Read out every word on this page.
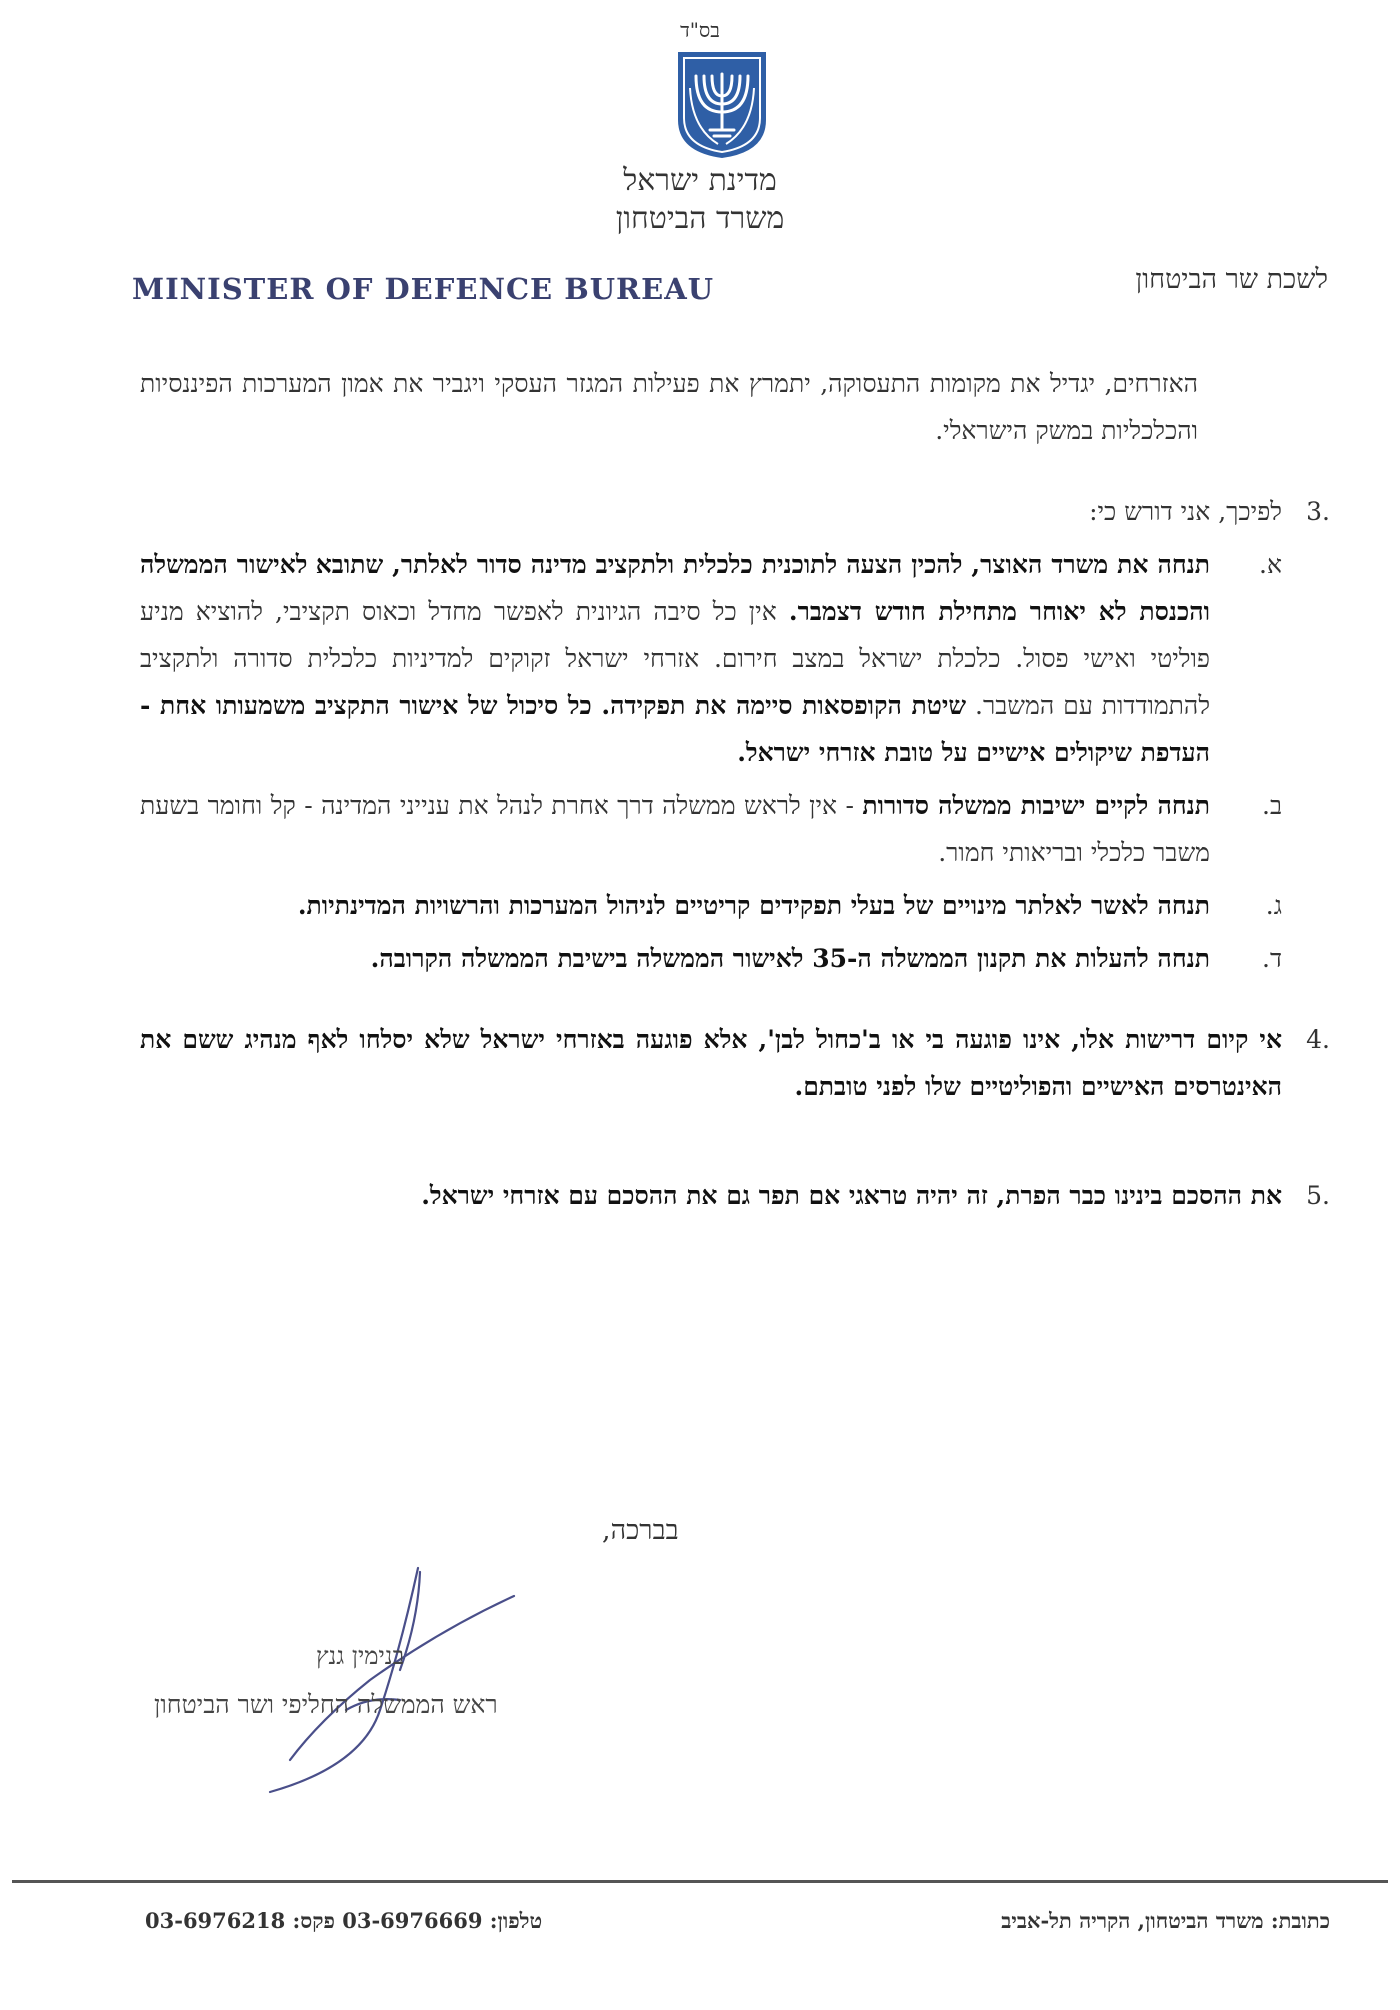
בס"ד
מדינת ישראל
משרד הביטחון
MINISTER OF DEFENCE BUREAU	לשכת שר הביטחון

האזרחים, יגדיל את מקומות התעסוקה, יתמרץ את פעילות המגזר העסקי ויגביר את אמון המערכות הפיננסיות והכלכליות במשק הישראלי.

.3
לפיכך, אני דורש כי:
א.
תנחה את משרד האוצר, להכין הצעה לתוכנית כלכלית ולתקציב מדינה סדור לאלתר, שתובא לאישור הממשלה והכנסת לא יאוחר מתחילת חודש דצמבר. אין כל סיבה הגיונית לאפשר מחדל וכאוס תקציבי, להוציא מניע פוליטי ואישי פסול. כלכלת ישראל במצב חירום. אזרחי ישראל זקוקים למדיניות כלכלית סדורה ולתקציב להתמודדות עם המשבר. שיטת הקופסאות סיימה את תפקידה. כל סיכול של אישור התקציב משמעותו אחת - העדפת שיקולים אישיים על טובת אזרחי ישראל.
ב.
תנחה לקיים ישיבות ממשלה סדורות - אין לראש ממשלה דרך אחרת לנהל את ענייני המדינה - קל וחומר בשעת משבר כלכלי ובריאותי חמור.
ג.
תנחה לאשר לאלתר מינויים של בעלי תפקידים קריטיים לניהול המערכות והרשויות המדינתיות.
ד.
תנחה להעלות את תקנון הממשלה ה-35 לאישור הממשלה בישיבת הממשלה הקרובה.
.4
אי קיום דרישות אלו, אינו פוגעה בי או ב'כחול לבן', אלא פוגעה באזרחי ישראל שלא יסלחו לאף מנהיג ששם את האינטרסים האישיים והפוליטיים שלו לפני טובתם.
.5
את ההסכם בינינו כבר הפרת, זה יהיה טראגי אם תפר גם את ההסכם עם אזרחי ישראל.
בברכה,
בנימין גנץ
ראש הממשלה החליפי ושר הביטחון
כתובת: משרד הביטחון, הקריה תל-אביב
טלפון: 03-6976669 פקס: 03-6976218
